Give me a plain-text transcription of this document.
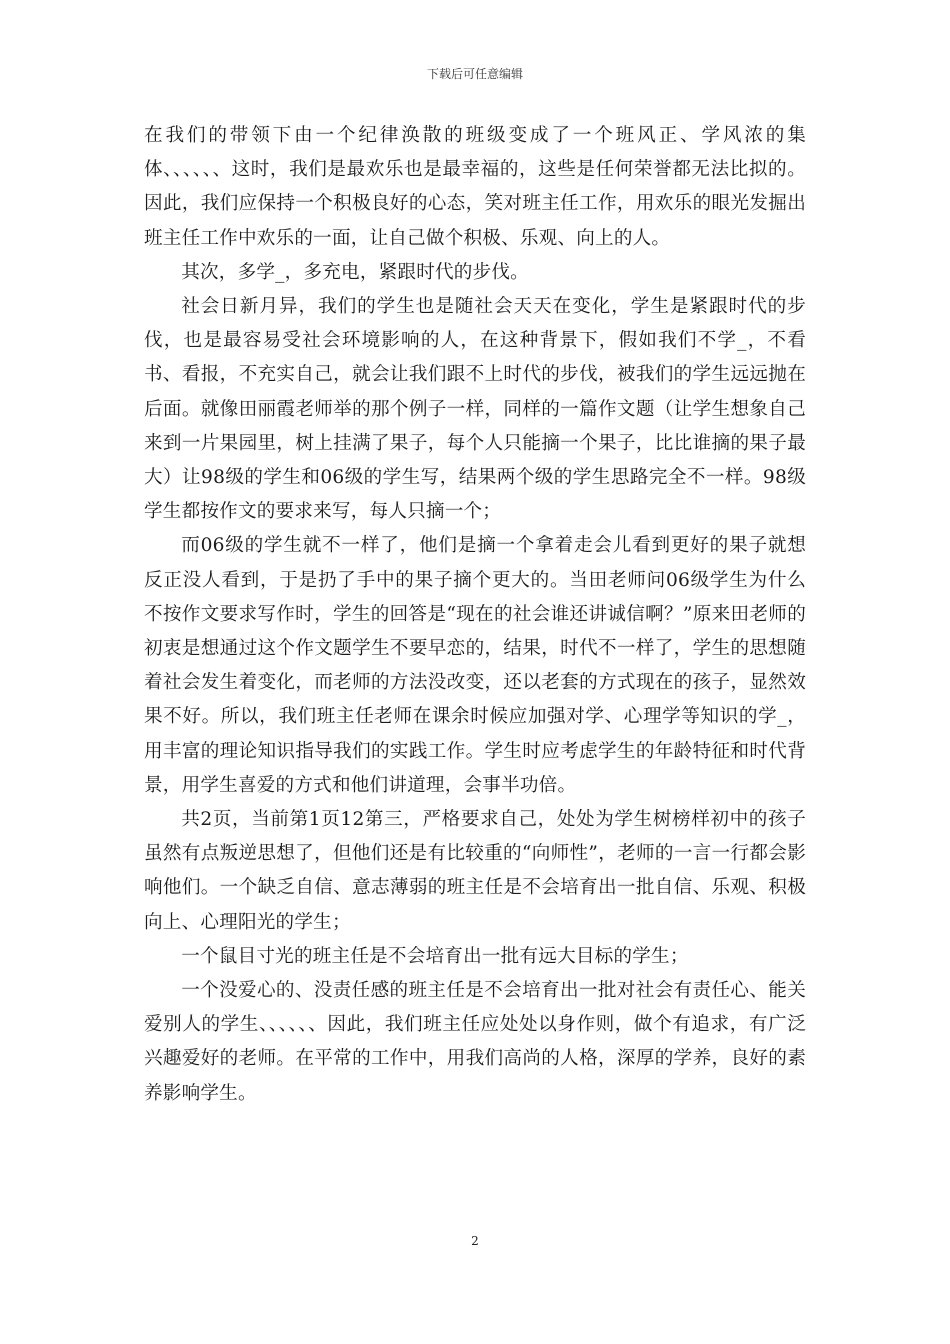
下载后可任意编辑

在我们的带领下由一个纪律涣散的班级变成了一个班风正、学风浓的集体、、、、、、这时，我们是最欢乐也是最幸福的，这些是任何荣誉都无法比拟的。因此，我们应保持一个积极良好的心态，笑对班主任工作，用欢乐的眼光发掘出班主任工作中欢乐的一面，让自己做个积极、乐观、向上的人。

其次，多学_，多充电，紧跟时代的步伐。

社会日新月异，我们的学生也是随社会天天在变化，学生是紧跟时代的步伐，也是最容易受社会环境影响的人，在这种背景下，假如我们不学_，不看书、看报，不充实自己，就会让我们跟不上时代的步伐，被我们的学生远远抛在后面。就像田丽霞老师举的那个例子一样，同样的一篇作文题（让学生想象自己来到一片果园里，树上挂满了果子，每个人只能摘一个果子，比比谁摘的果子最大）让98级的学生和06级的学生写，结果两个级的学生思路完全不一样。98级学生都按作文的要求来写，每人只摘一个；

而06级的学生就不一样了，他们是摘一个拿着走会儿看到更好的果子就想反正没人看到，于是扔了手中的果子摘个更大的。当田老师问06级学生为什么不按作文要求写作时，学生的回答是“现在的社会谁还讲诚信啊？”原来田老师的初衷是想通过这个作文题学生不要早恋的，结果，时代不一样了，学生的思想随着社会发生着变化，而老师的方法没改变，还以老套的方式现在的孩子，显然效果不好。所以，我们班主任老师在课余时候应加强对学、心理学等知识的学_，用丰富的理论知识指导我们的实践工作。学生时应考虑学生的年龄特征和时代背景，用学生喜爱的方式和他们讲道理，会事半功倍。

共2页，当前第1页12第三，严格要求自己，处处为学生树榜样初中的孩子虽然有点叛逆思想了，但他们还是有比较重的“向师性”，老师的一言一行都会影响他们。一个缺乏自信、意志薄弱的班主任是不会培育出一批自信、乐观、积极向上、心理阳光的学生；

一个鼠目寸光的班主任是不会培育出一批有远大目标的学生；

一个没爱心的、没责任感的班主任是不会培育出一批对社会有责任心、能关爱别人的学生、、、、、、因此，我们班主任应处处以身作则，做个有追求，有广泛兴趣爱好的老师。在平常的工作中，用我们高尚的人格，深厚的学养，良好的素养影响学生。

2
